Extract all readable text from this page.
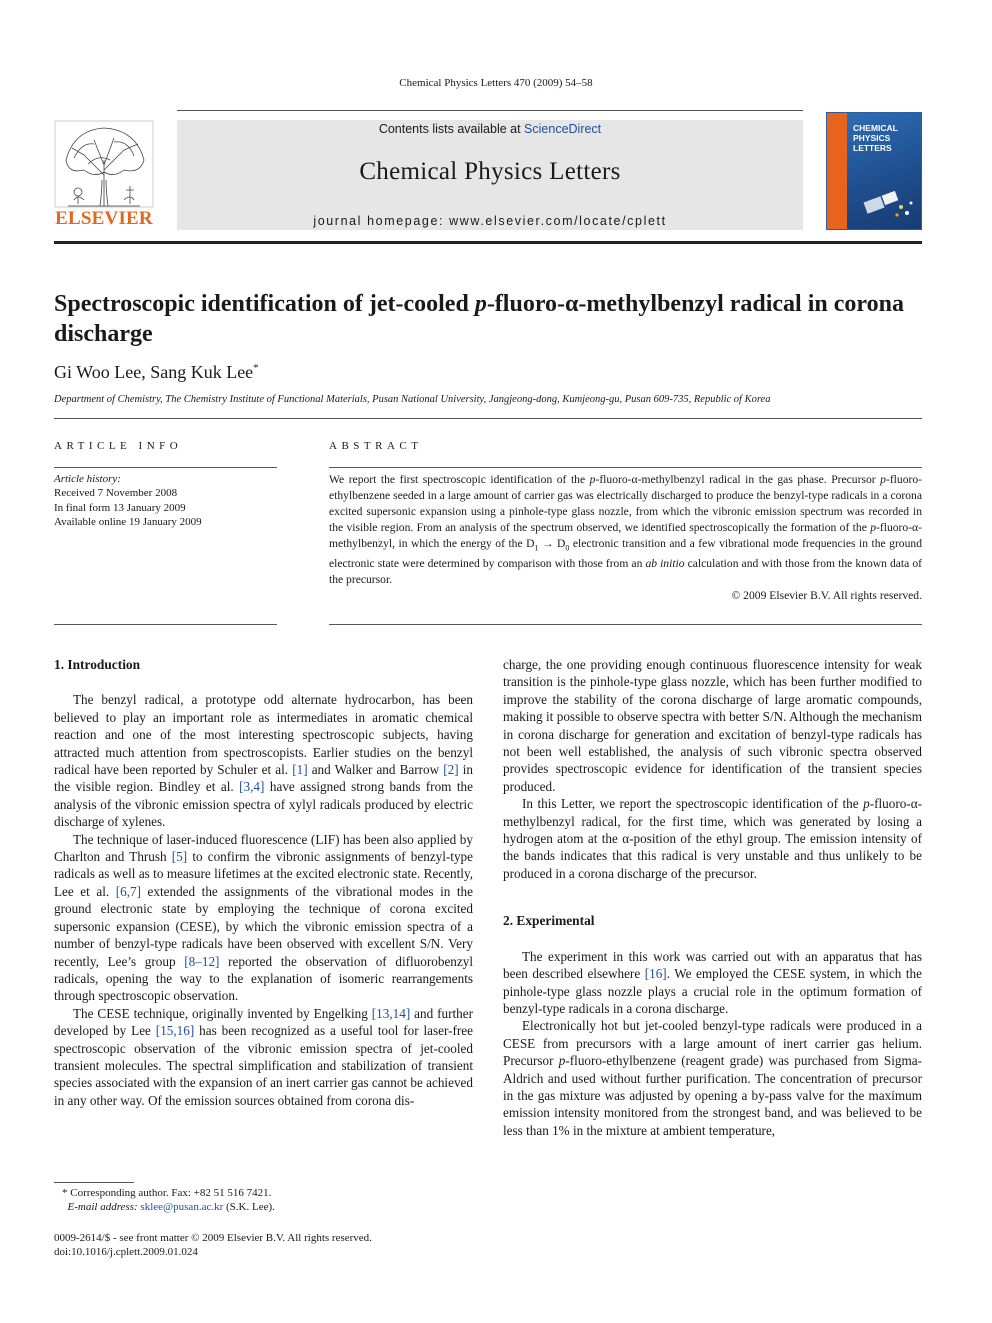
Chemical Physics Letters 470 (2009) 54–58
ELSEVIER
Contents lists available at ScienceDirect
Chemical Physics Letters
journal homepage: www.elsevier.com/locate/cplett
CHEMICAL
PHYSICS
LETTERS
Spectroscopic identification of jet-cooled p-fluoro-α-methylbenzyl radical in corona discharge
Gi Woo Lee, Sang Kuk Lee*
Department of Chemistry, The Chemistry Institute of Functional Materials, Pusan National University, Jangjeong-dong, Kumjeong-gu, Pusan 609-735, Republic of Korea
ARTICLE INFO	ABSTRACT
Article history:
Received 7 November 2008
In final form 13 January 2009
Available online 19 January 2009

We report the first spectroscopic identification of the p-fluoro-α-methylbenzyl radical in the gas phase. Precursor p-fluoro-ethylbenzene seeded in a large amount of carrier gas was electrically discharged to produce the benzyl-type radicals in a corona excited supersonic expansion using a pinhole-type glass nozzle, from which the vibronic emission spectrum was recorded in the visible region. From an analysis of the spectrum observed, we identified spectroscopically the formation of the p-fluoro-α-methylbenzyl, in which the energy of the $D_1 \to D_0$ electronic transition and a few vibrational mode frequencies in the ground electronic state were determined by comparison with those from an ab initio calculation and with those from the known data of the precursor.

© 2009 Elsevier B.V. All rights reserved.

1. Introduction

The benzyl radical, a prototype odd alternate hydrocarbon, has been believed to play an important role as intermediates in aromatic chemical reaction and one of the most interesting spectroscopic subjects, having attracted much attention from spectroscopists. Earlier studies on the benzyl radical have been reported by Schuler et al. [1] and Walker and Barrow [2] in the visible region. Bindley et al. [3,4] have assigned strong bands from the analysis of the vibronic emission spectra of xylyl radicals produced by electric discharge of xylenes.

The technique of laser-induced fluorescence (LIF) has been also applied by Charlton and Thrush [5] to confirm the vibronic assignments of benzyl-type radicals as well as to measure lifetimes at the excited electronic state. Recently, Lee et al. [6,7] extended the assignments of the vibrational modes in the ground electronic state by employing the technique of corona excited supersonic expansion (CESE), by which the vibronic emission spectra of a number of benzyl-type radicals have been observed with excellent S/N. Very recently, Lee’s group [8–12] reported the observation of difluorobenzyl radicals, opening the way to the explanation of isomeric rearrangements through spectroscopic observation.

The CESE technique, originally invented by Engelking [13,14] and further developed by Lee [15,16] has been recognized as a useful tool for laser-free spectroscopic observation of the vibronic emission spectra of jet-cooled transient molecules. The spectral simplification and stabilization of transient species associated with the expansion of an inert carrier gas cannot be achieved in any other way. Of the emission sources obtained from corona dis-

charge, the one providing enough continuous fluorescence intensity for weak transition is the pinhole-type glass nozzle, which has been further modified to improve the stability of the corona discharge of large aromatic compounds, making it possible to observe spectra with better S/N. Although the mechanism in corona discharge for generation and excitation of benzyl-type radicals has not been well established, the analysis of such vibronic spectra observed provides spectroscopic evidence for identification of the transient species produced.

In this Letter, we report the spectroscopic identification of the p-fluoro-α-methylbenzyl radical, for the first time, which was generated by losing a hydrogen atom at the α-position of the ethyl group. The emission intensity of the bands indicates that this radical is very unstable and thus unlikely to be produced in a corona discharge of the precursor.

2. Experimental

The experiment in this work was carried out with an apparatus that has been described elsewhere [16]. We employed the CESE system, in which the pinhole-type glass nozzle plays a crucial role in the optimum formation of benzyl-type radicals in a corona discharge.

Electronically hot but jet-cooled benzyl-type radicals were produced in a CESE from precursors with a large amount of inert carrier gas helium. Precursor p-fluoro-ethylbenzene (reagent grade) was purchased from Sigma-Aldrich and used without further purification. The concentration of precursor in the gas mixture was adjusted by opening a by-pass valve for the maximum emission intensity monitored from the strongest band, and was believed to be less than 1% in the mixture at ambient temperature,

* Corresponding author. Fax: +82 51 516 7421.
E-mail address: sklee@pusan.ac.kr (S.K. Lee).
0009-2614/$ - see front matter © 2009 Elsevier B.V. All rights reserved.
doi:10.1016/j.cplett.2009.01.024
